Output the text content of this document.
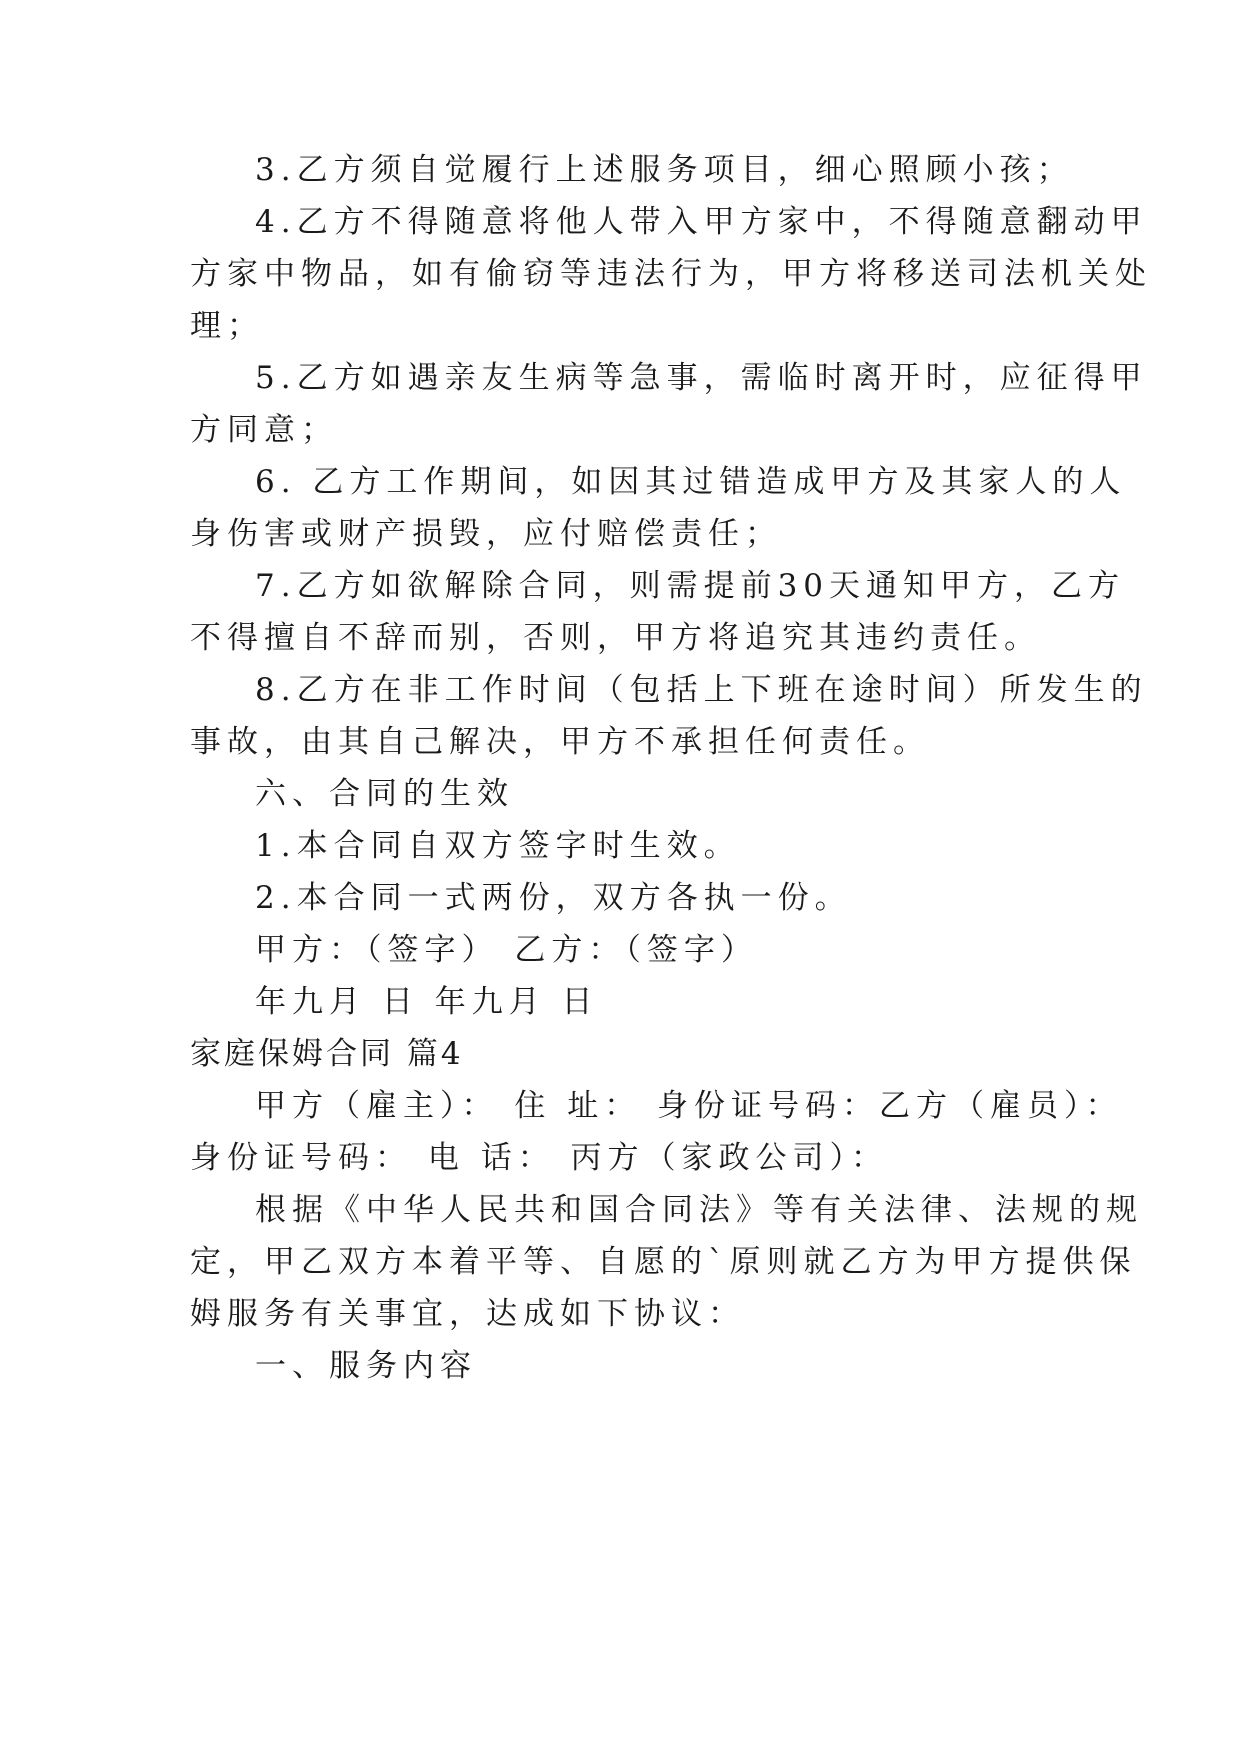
3.乙方须自觉履行上述服务项目，细心照顾小孩；
4.乙方不得随意将他人带入甲方家中，不得随意翻动甲
方家中物品，如有偷窃等违法行为，甲方将移送司法机关处
理；
5.乙方如遇亲友生病等急事，需临时离开时，应征得甲
方同意；
6. 乙方工作期间，如因其过错造成甲方及其家人的人
身伤害或财产损毁，应付赔偿责任；
7.乙方如欲解除合同，则需提前30天通知甲方，乙方
不得擅自不辞而别，否则，甲方将追究其违约责任。
8.乙方在非工作时间（包括上下班在途时间）所发生的
事故，由其自己解决，甲方不承担任何责任。
六、合同的生效
1.本合同自双方签字时生效。
2.本合同一式两份，双方各执一份。
甲方：（签字） 乙方：（签字）
年九月 日 年九月 日
家庭保姆合同 篇4
甲方（雇主）： 住 址： 身份证号码：乙方（雇员）：
身份证号码： 电 话： 丙方（家政公司）：
根据《中华人民共和国合同法》等有关法律、法规的规
定，甲乙双方本着平等、自愿的`原则就乙方为甲方提供保
姆服务有关事宜，达成如下协议：
一、服务内容
